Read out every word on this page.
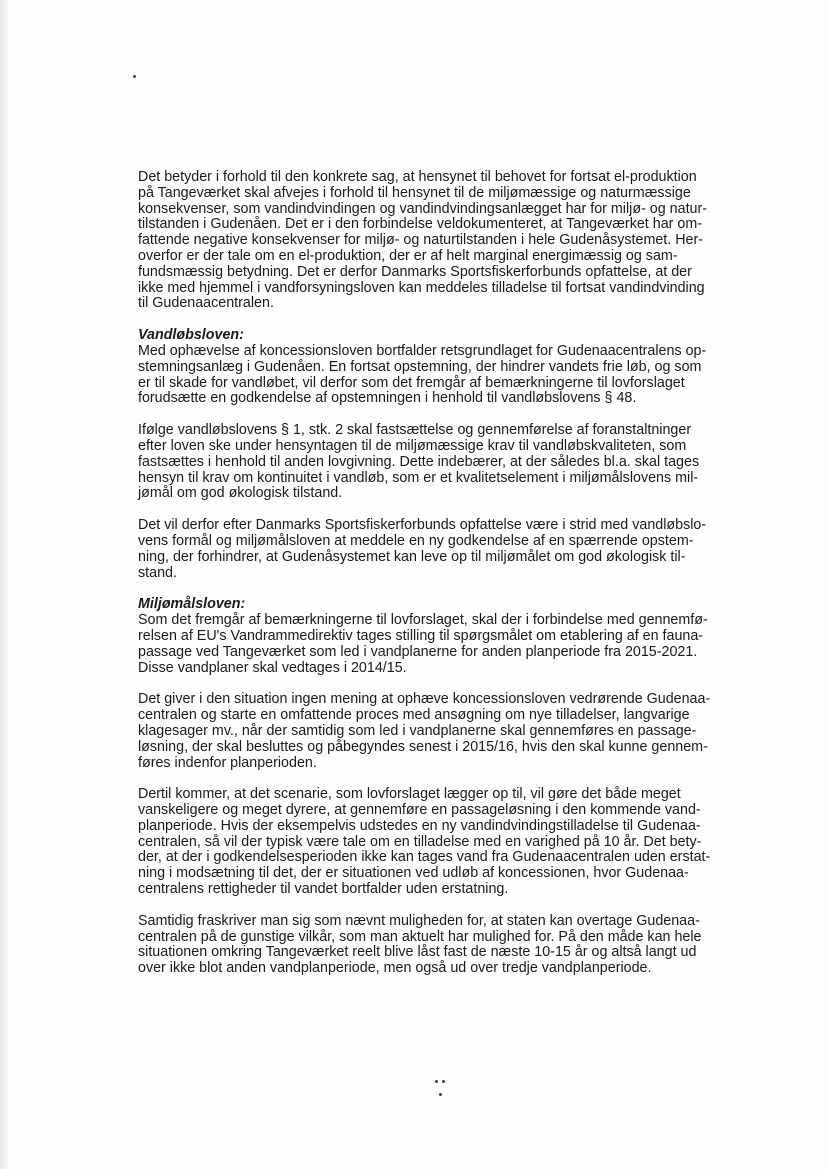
Det betyder i forhold til den konkrete sag, at hensynet til behovet for fortsat el-produktion
på Tangeværket skal afvejes i forhold til hensynet til de miljømæssige og naturmæssige
konsekvenser, som vandindvindingen og vandindvindingsanlægget har for miljø- og natur-
tilstanden i Gudenåen. Det er i den forbindelse veldokumenteret, at Tangeværket har om-
fattende negative konsekvenser for miljø- og naturtilstanden i hele Gudenåsystemet. Her-
overfor er der tale om en el-produktion, der er af helt marginal energimæssig og sam-
fundsmæssig betydning. Det er derfor Danmarks Sportsfiskerforbunds opfattelse, at der
ikke med hjemmel i vandforsyningsloven kan meddeles tilladelse til fortsat vandindvinding
til Gudenaacentralen.
Vandløbsloven:
Med ophævelse af koncessionsloven bortfalder retsgrundlaget for Gudenaacentralens op-
stemningsanlæg i Gudenåen. En fortsat opstemning, der hindrer vandets frie løb, og som
er til skade for vandløbet, vil derfor som det fremgår af bemærkningerne til lovforslaget
forudsætte en godkendelse af opstemningen i henhold til vandløbslovens § 48.
Ifølge vandløbslovens § 1, stk. 2 skal fastsættelse og gennemførelse af foranstaltninger
efter loven ske under hensyntagen til de miljømæssige krav til vandløbskvaliteten, som
fastsættes i henhold til anden lovgivning. Dette indebærer, at der således bl.a. skal tages
hensyn til krav om kontinuitet i vandløb, som er et kvalitetselement i miljømålslovens mil-
jømål om god økologisk tilstand.
Det vil derfor efter Danmarks Sportsfiskerforbunds opfattelse være i strid med vandløbslo-
vens formål og miljømålsloven at meddele en ny godkendelse af en spærrende opstem-
ning, der forhindrer, at Gudenåsystemet kan leve op til miljømålet om god økologisk til-
stand.
Miljømålsloven:
Som det fremgår af bemærkningerne til lovforslaget, skal der i forbindelse med gennemfø-
relsen af EU's Vandrammedirektiv tages stilling til spørgsmålet om etablering af en fauna-
passage ved Tangeværket som led i vandplanerne for anden planperiode fra 2015-2021.
Disse vandplaner skal vedtages i 2014/15.
Det giver i den situation ingen mening at ophæve koncessionsloven vedrørende Gudenaa-
centralen og starte en omfattende proces med ansøgning om nye tilladelser, langvarige
klagesager mv., når der samtidig som led i vandplanerne skal gennemføres en passage-
løsning, der skal besluttes og påbegyndes senest i 2015/16, hvis den skal kunne gennem-
føres indenfor planperioden.
Dertil kommer, at det scenarie, som lovforslaget lægger op til, vil gøre det både meget
vanskeligere og meget dyrere, at gennemføre en passageløsning i den kommende vand-
planperiode. Hvis der eksempelvis udstedes en ny vandindvindingstilladelse til Gudenaa-
centralen, så vil der typisk være tale om en tilladelse med en varighed på 10 år. Det bety-
der, at der i godkendelsesperioden ikke kan tages vand fra Gudenaacentralen uden erstat-
ning i modsætning til det, der er situationen ved udløb af koncessionen, hvor Gudenaa-
centralens rettigheder til vandet bortfalder uden erstatning.
Samtidig fraskriver man sig som nævnt muligheden for, at staten kan overtage Gudenaa-
centralen på de gunstige vilkår, som man aktuelt har mulighed for. På den måde kan hele
situationen omkring Tangeværket reelt blive låst fast de næste 10-15 år og altså langt ud
over ikke blot anden vandplanperiode, men også ud over tredje vandplanperiode.
